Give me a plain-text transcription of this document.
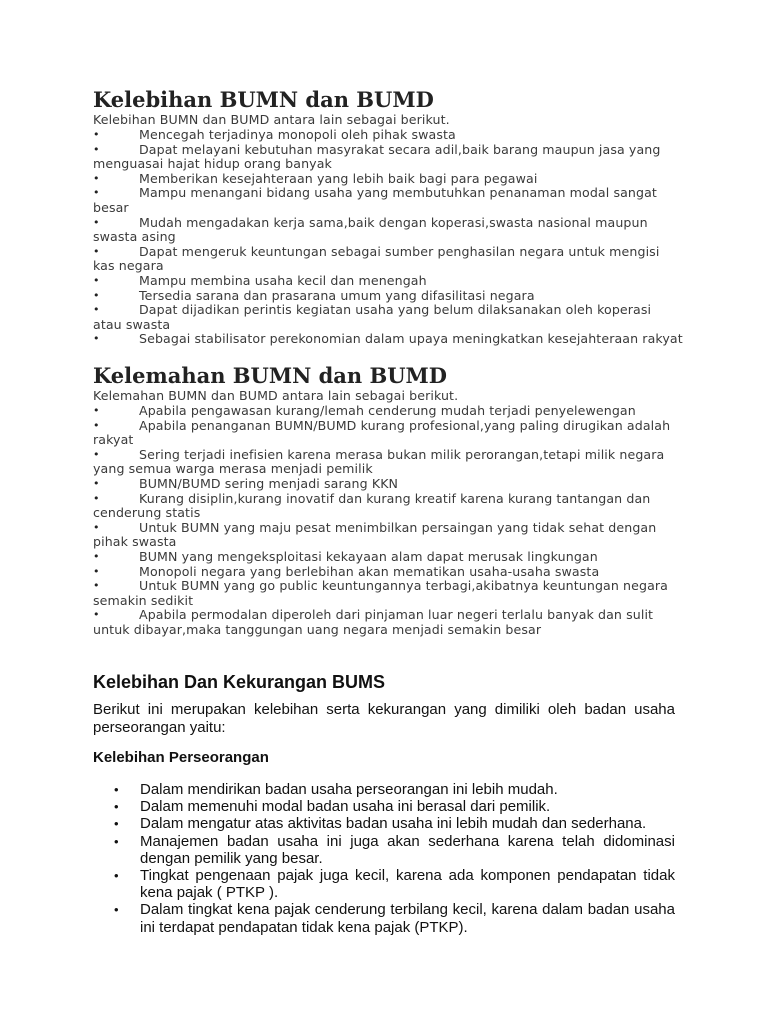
Kelebihan BUMN dan BUMD

Kelebihan BUMN dan BUMD antara lain sebagai berikut.

•	Mencegah terjadinya monopoli oleh pihak swasta
•	Dapat melayani kebutuhan masyrakat secara adil,baik barang maupun jasa yang menguasai hajat hidup orang banyak
•	Memberikan kesejahteraan yang lebih baik bagi para pegawai
•	Mampu menangani bidang usaha yang membutuhkan penanaman modal sangat besar
•	Mudah mengadakan kerja sama,baik dengan koperasi,swasta nasional maupun swasta asing
•	Dapat mengeruk keuntungan sebagai sumber penghasilan negara untuk mengisi kas negara
•	Mampu membina usaha kecil dan menengah
•	Tersedia sarana dan prasarana umum yang difasilitasi negara
•	Dapat dijadikan perintis kegiatan usaha yang belum dilaksanakan oleh koperasi atau swasta
•	Sebagai stabilisator perekonomian dalam upaya meningkatkan kesejahteraan rakyat
Kelemahan BUMN dan BUMD

Kelemahan BUMN dan BUMD antara lain sebagai berikut.

•	Apabila pengawasan kurang/lemah cenderung mudah terjadi penyelewengan
•	Apabila penanganan BUMN/BUMD kurang profesional,yang paling dirugikan adalah rakyat
•	Sering terjadi inefisien karena merasa bukan milik perorangan,tetapi milik negara yang semua warga merasa menjadi pemilik
•	BUMN/BUMD sering menjadi sarang KKN
•	Kurang disiplin,kurang inovatif dan kurang kreatif karena kurang tantangan dan cenderung statis
•	Untuk BUMN yang maju pesat menimbilkan persaingan yang tidak sehat dengan pihak swasta
•	BUMN yang mengeksploitasi kekayaan alam dapat merusak lingkungan
•	Monopoli negara yang berlebihan akan mematikan usaha-usaha swasta
•	Untuk BUMN yang go public keuntungannya terbagi,akibatnya keuntungan negara semakin sedikit
•	Apabila permodalan diperoleh dari pinjaman luar negeri terlalu banyak dan sulit untuk dibayar,maka tanggungan uang negara menjadi semakin besar
Kelebihan Dan Kekurangan BUMS

Berikut ini merupakan kelebihan serta kekurangan yang dimiliki oleh badan usaha perseorangan yaitu:

Kelebihan Perseorangan
• Dalam mendirikan badan usaha perseorangan ini lebih mudah.
• Dalam memenuhi modal badan usaha ini berasal dari pemilik.
• Dalam mengatur atas aktivitas badan usaha ini lebih mudah dan sederhana.
• Manajemen badan usaha ini juga akan sederhana karena telah didominasi dengan pemilik yang besar.
• Tingkat pengenaan pajak juga kecil, karena ada komponen pendapatan tidak kena pajak ( PTKP ).
• Dalam tingkat kena pajak cenderung terbilang kecil, karena dalam badan usaha ini terdapat pendapatan tidak kena pajak (PTKP).
